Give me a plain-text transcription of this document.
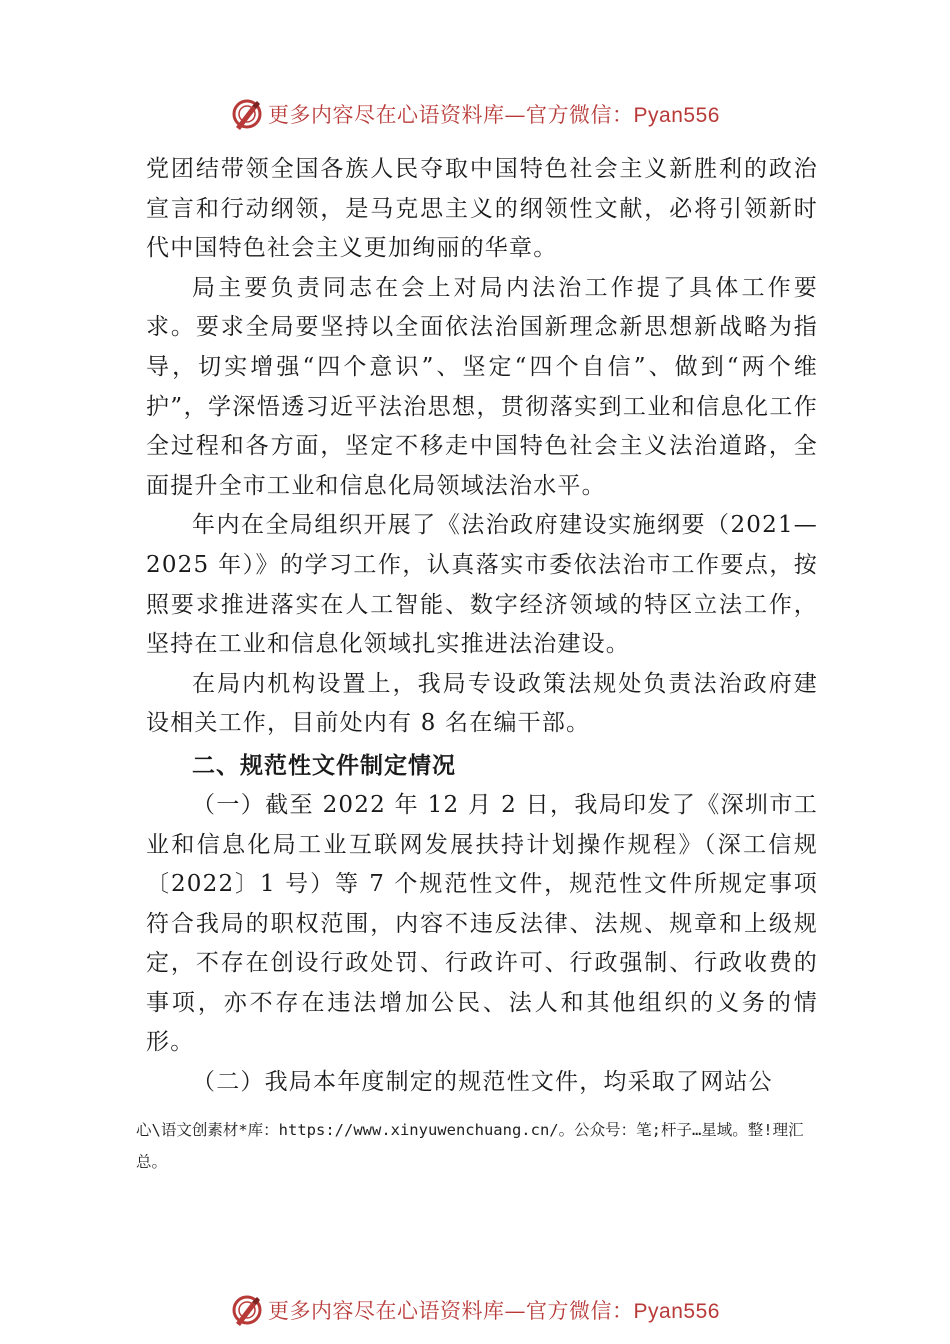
更多内容尽在心语资料库—官方微信：Pyan556

党团结带领全国各族人民夺取中国特色社会主义新胜利的政治宣言和行动纲领，是马克思主义的纲领性文献，必将引领新时代中国特色社会主义更加绚丽的华章。

局主要负责同志在会上对局内法治工作提了具体工作要求。要求全局要坚持以全面依法治国新理念新思想新战略为指导，切实增强“四个意识”、坚定“四个自信”、做到“两个维护”，学深悟透习近平法治思想，贯彻落实到工业和信息化工作全过程和各方面，坚定不移走中国特色社会主义法治道路，全面提升全市工业和信息化局领域法治水平。

年内在全局组织开展了《法治政府建设实施纲要（2021—2025 年）》的学习工作，认真落实市委依法治市工作要点，按照要求推进落实在人工智能、数字经济领域的特区立法工作，坚持在工业和信息化领域扎实推进法治建设。

在局内机构设置上，我局专设政策法规处负责法治政府建设相关工作，目前处内有 8 名在编干部。

二、规范性文件制定情况

（一）截至 2022 年 12 月 2 日，我局印发了《深圳市工业和信息化局工业互联网发展扶持计划操作规程》（深工信规〔2022〕1 号）等 7 个规范性文件，规范性文件所规定事项符合我局的职权范围，内容不违反法律、法规、规章和上级规定，不存在创设行政处罚、行政许可、行政强制、行政收费的事项，亦不存在违法增加公民、法人和其他组织的义务的情形。

（二）我局本年度制定的规范性文件，均采取了网站公

心\语文创素材*库：https://www.xinyuwenchuang.cn/。公众号：笔;杆子…星域。整!理汇总。
更多内容尽在心语资料库—官方微信：Pyan556
